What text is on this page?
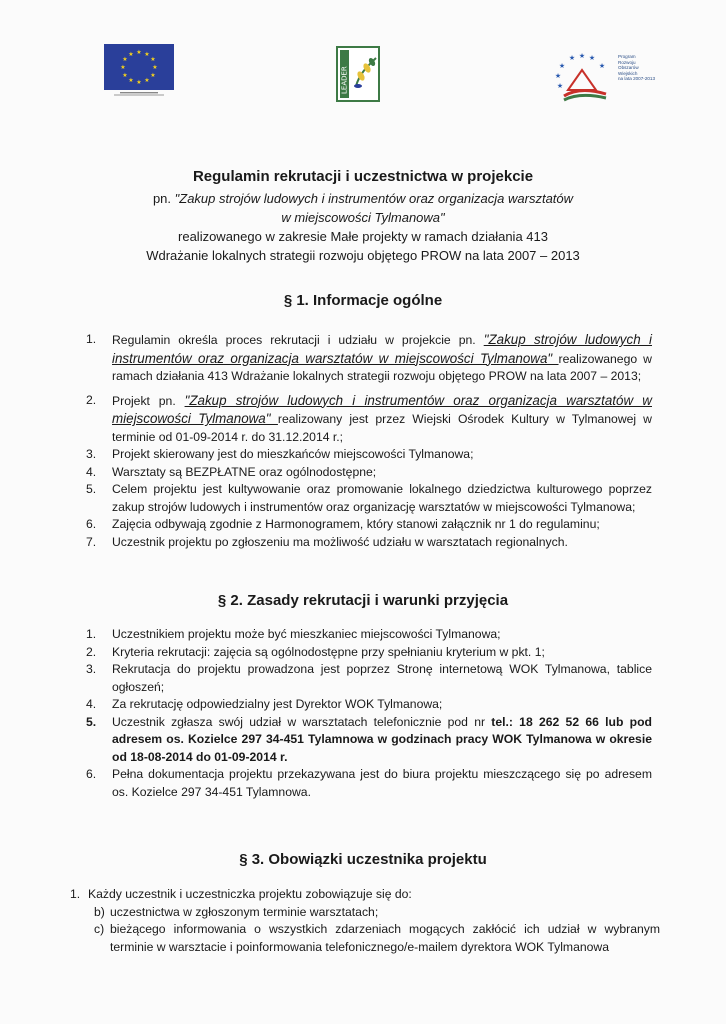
★ ★
★
★
★
★
★
★
★
★
★
★
LEADER
★ ★ ★
★	★
★
★
Program
Rozwoju
Obszarów
Wiejskich
na lata 2007-2013

Regulamin rekrutacji i uczestnictwa w projekcie

pn. "Zakup strojów ludowych i instrumentów oraz organizacja warsztatów

w miejscowości Tylmanowa"

realizowanego w zakresie Małe projekty w ramach działania 413

Wdrażanie lokalnych strategii rozwoju objętego PROW na lata 2007 – 2013

§ 1. Informacje ogólne
1. Regulamin określa proces rekrutacji i udziału w projekcie pn. "Zakup strojów ludowych i instrumentów oraz organizacja warsztatów w miejscowości Tylmanowa" realizowanego w ramach działania 413 Wdrażanie lokalnych strategii rozwoju objętego PROW na lata 2007 – 2013;
2. Projekt pn. "Zakup strojów ludowych i instrumentów oraz organizacja warsztatów w miejscowości Tylmanowa" realizowany jest przez Wiejski Ośrodek Kultury w Tylmanowej w terminie od 01-09-2014 r. do 31.12.2014 r.;
3. Projekt skierowany jest do mieszkańców miejscowości Tylmanowa;
4. Warsztaty są BEZPŁATNE oraz ogólnodostępne;
5. Celem projektu jest kultywowanie oraz promowanie lokalnego dziedzictwa kulturowego poprzez zakup strojów ludowych i instrumentów oraz organizację warsztatów w miejscowości Tylmanowa;
6. Zajęcia odbywają zgodnie z Harmonogramem, który stanowi załącznik nr 1 do regulaminu;
7. Uczestnik projektu po zgłoszeniu ma możliwość udziału w warsztatach regionalnych.
§ 2. Zasady rekrutacji i warunki przyjęcia
1. Uczestnikiem projektu może być mieszkaniec miejscowości Tylmanowa;
2. Kryteria rekrutacji: zajęcia są ogólnodostępne przy spełnianiu kryterium w pkt. 1;
3. Rekrutacja do projektu prowadzona jest poprzez Stronę internetową WOK Tylmanowa, tablice ogłoszeń;
4. Za rekrutację odpowiedzialny jest Dyrektor WOK Tylmanowa;
5. Uczestnik zgłasza swój udział w warsztatach telefonicznie pod nr tel.: 18 262 52 66 lub pod adresem os. Kozielce 297 34-451 Tylamnowa w godzinach pracy WOK Tylmanowa w okresie od 18-08-2014 do 01-09-2014 r.
6. Pełna dokumentacja projektu przekazywana jest do biura projektu mieszczącego się po adresem os. Kozielce 297 34-451 Tylamnowa.
§ 3. Obowiązki uczestnika projektu
1. Każdy uczestnik i uczestniczka projektu zobowiązuje się do:
b) uczestnictwa w zgłoszonym terminie warsztatach;
c) bieżącego informowania o wszystkich zdarzeniach mogących zakłócić ich udział w wybranym terminie w warsztacie i poinformowania telefonicznego/e-mailem dyrektora WOK Tylmanowa
